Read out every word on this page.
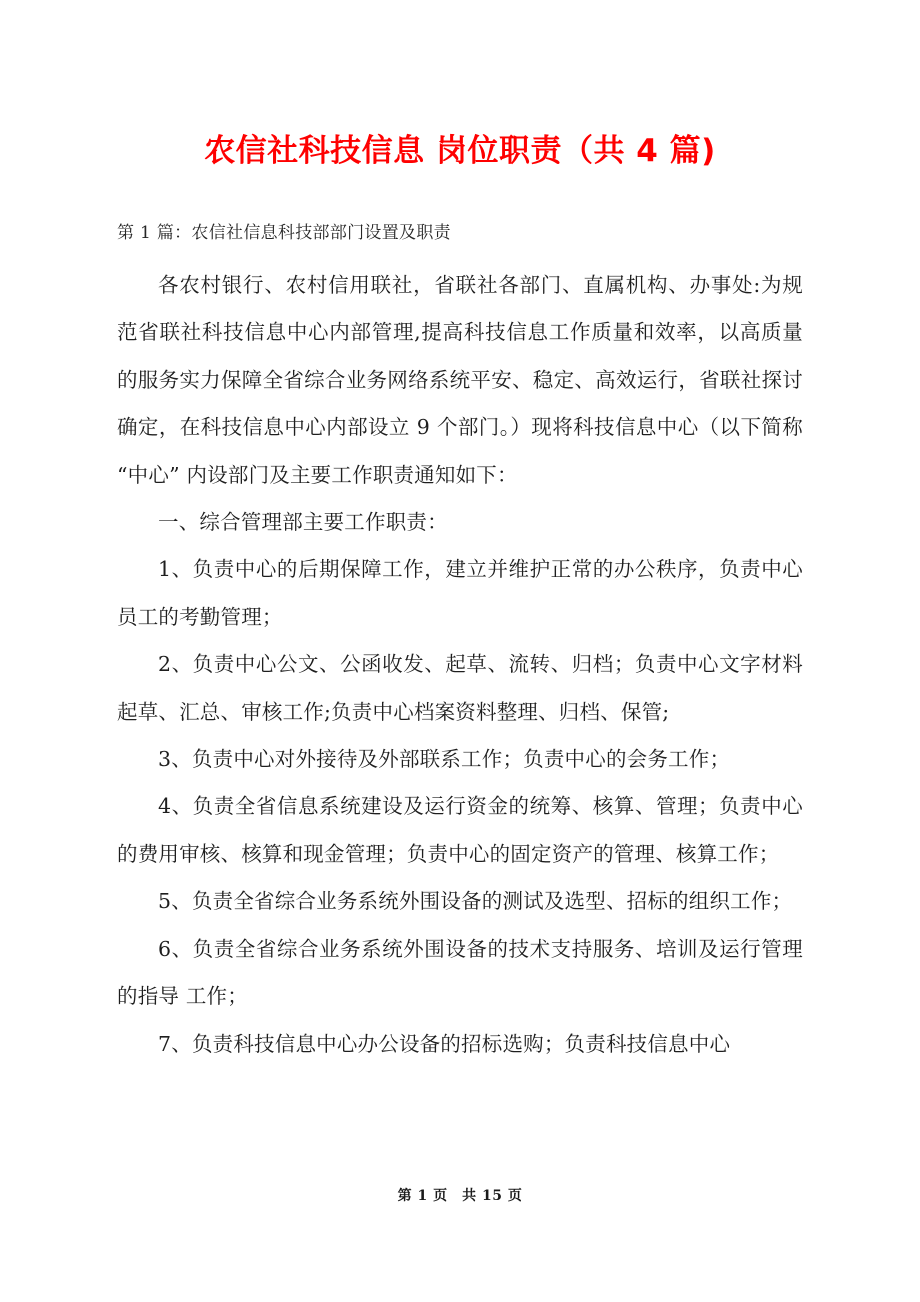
农信社科技信息 岗位职责（共 4 篇)
第 1 篇：农信社信息科技部部门设置及职责

各农村银行、农村信用联社，省联社各部门、直属机构、办事处:为规范省联社科技信息中心内部管理,提高科技信息工作质量和效率，以高质量的服务实力保障全省综合业务网络系统平安、稳定、高效运行，省联社探讨确定，在科技信息中心内部设立 9 个部门。）现将科技信息中心（以下简称“中心” 内设部门及主要工作职责通知如下：

一、综合管理部主要工作职责：

1、负责中心的后期保障工作，建立并维护正常的办公秩序，负责中心员工的考勤管理；

2、负责中心公文、公函收发、起草、流转、归档；负责中心文字材料起草、汇总、审核工作;负责中心档案资料整理、归档、保管;

3、负责中心对外接待及外部联系工作；负责中心的会务工作；

4、负责全省信息系统建设及运行资金的统筹、核算、管理；负责中心的费用审核、核算和现金管理；负责中心的固定资产的管理、核算工作；

5、负责全省综合业务系统外围设备的测试及选型、招标的组织工作；

6、负责全省综合业务系统外围设备的技术支持服务、培训及运行管理的指导 工作；

7、负责科技信息中心办公设备的招标选购；负责科技信息中心

第 1 页　共 15 页
